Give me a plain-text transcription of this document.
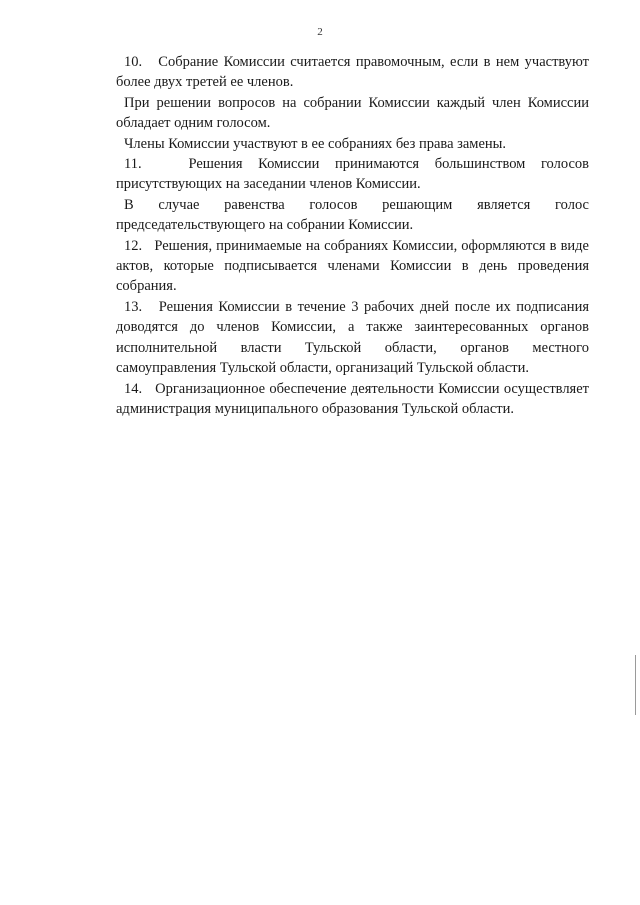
2

10.   Собрание Комиссии считается правомочным, если в нем участвуют более двух третей ее членов.

При решении вопросов на собрании Комиссии каждый член Комиссии обладает одним голосом.

Члены Комиссии участвуют в ее собраниях без права замены.

11.   Решения Комиссии принимаются большинством голосов присутствующих на заседании членов Комиссии.

В случае равенства голосов решающим является голос председательствующего на собрании Комиссии.

12.   Решения, принимаемые на собраниях Комиссии, оформляются в виде актов, которые подписывается членами Комиссии в день проведения собрания.

13.   Решения Комиссии в течение 3 рабочих дней после их подписания доводятся до членов Комиссии, а также заинтересованных органов исполнительной власти Тульской области, органов местного самоуправления Тульской области, организаций Тульской области.

14.   Организационное обеспечение деятельности Комиссии осуществляет администрация муниципального образования Тульской области.
